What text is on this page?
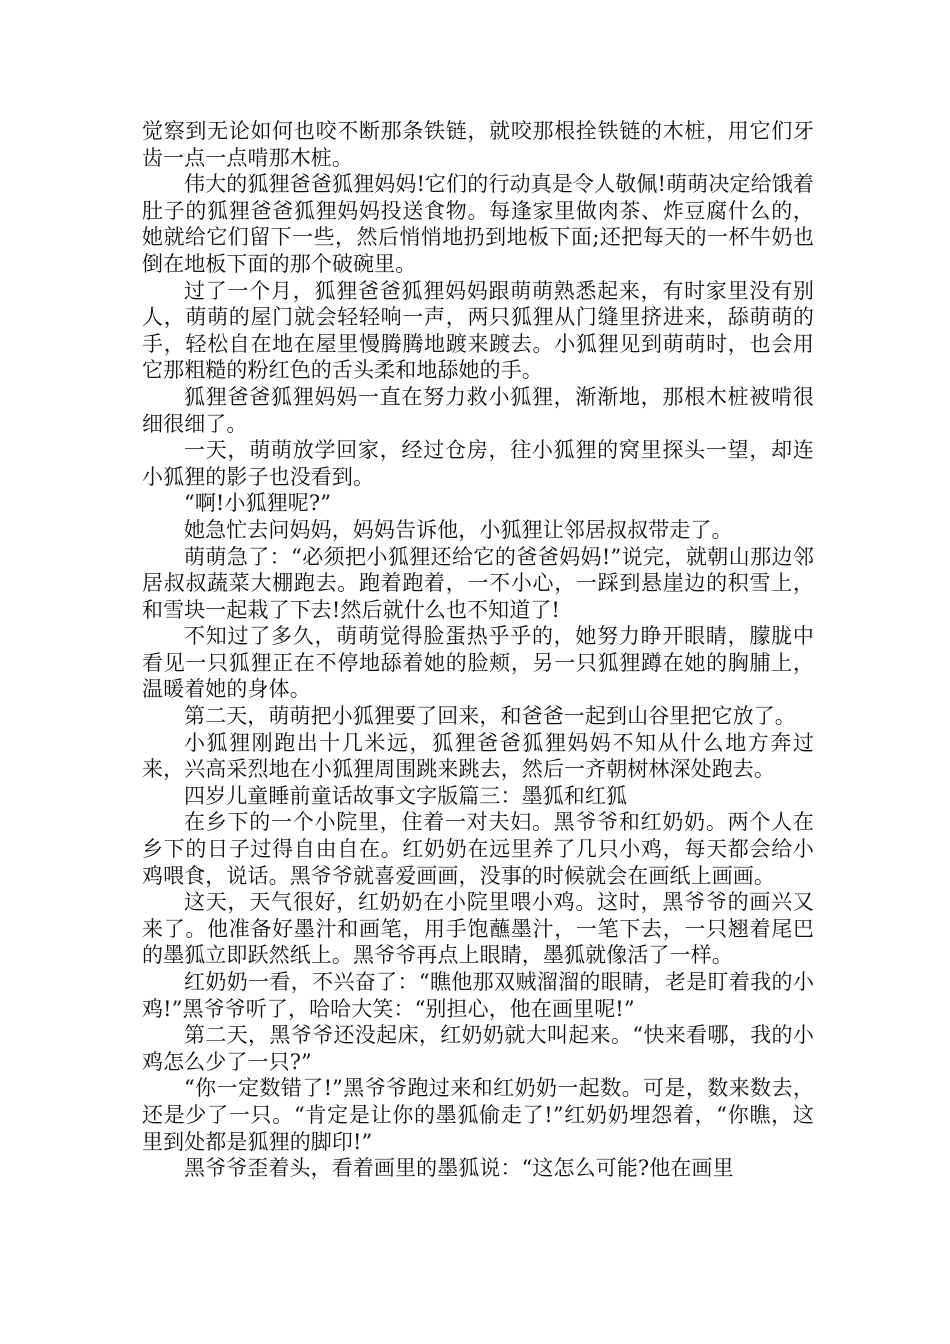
觉察到无论如何也咬不断那条铁链，就咬那根拴铁链的木桩，用它们牙齿一点一点啃那木桩。

伟大的狐狸爸爸狐狸妈妈!它们的行动真是令人敬佩!萌萌决定给饿着肚子的狐狸爸爸狐狸妈妈投送食物。每逢家里做肉茶、炸豆腐什么的，她就给它们留下一些，然后悄悄地扔到地板下面;还把每天的一杯牛奶也倒在地板下面的那个破碗里。

过了一个月，狐狸爸爸狐狸妈妈跟萌萌熟悉起来，有时家里没有别人，萌萌的屋门就会轻轻响一声，两只狐狸从门缝里挤进来，舔萌萌的手，轻松自在地在屋里慢腾腾地踱来踱去。小狐狸见到萌萌时，也会用它那粗糙的粉红色的舌头柔和地舔她的手。

狐狸爸爸狐狸妈妈一直在努力救小狐狸，渐渐地，那根木桩被啃很细很细了。

一天，萌萌放学回家，经过仓房，往小狐狸的窝里探头一望，却连小狐狸的影子也没看到。

“啊!小狐狸呢?”

她急忙去问妈妈，妈妈告诉他，小狐狸让邻居叔叔带走了。

萌萌急了：“必须把小狐狸还给它的爸爸妈妈!”说完，就朝山那边邻居叔叔蔬菜大棚跑去。跑着跑着，一不小心，一踩到悬崖边的积雪上，和雪块一起栽了下去!然后就什么也不知道了!

不知过了多久，萌萌觉得脸蛋热乎乎的，她努力睁开眼睛，朦胧中看见一只狐狸正在不停地舔着她的脸颊，另一只狐狸蹲在她的胸脯上，温暖着她的身体。

第二天，萌萌把小狐狸要了回来，和爸爸一起到山谷里把它放了。

小狐狸刚跑出十几米远，狐狸爸爸狐狸妈妈不知从什么地方奔过来，兴高采烈地在小狐狸周围跳来跳去，然后一齐朝树林深处跑去。

四岁儿童睡前童话故事文字版篇三：墨狐和红狐

在乡下的一个小院里，住着一对夫妇。黑爷爷和红奶奶。两个人在乡下的日子过得自由自在。红奶奶在远里养了几只小鸡，每天都会给小鸡喂食，说话。黑爷爷就喜爱画画，没事的时候就会在画纸上画画。

这天，天气很好，红奶奶在小院里喂小鸡。这时，黑爷爷的画兴又来了。他准备好墨汁和画笔，用手饱蘸墨汁，一笔下去，一只翘着尾巴的墨狐立即跃然纸上。黑爷爷再点上眼睛，墨狐就像活了一样。

红奶奶一看，不兴奋了：“瞧他那双贼溜溜的眼睛，老是盯着我的小鸡!”黑爷爷听了，哈哈大笑：“别担心，他在画里呢!”

第二天，黑爷爷还没起床，红奶奶就大叫起来。“快来看哪，我的小鸡怎么少了一只?”

“你一定数错了!”黑爷爷跑过来和红奶奶一起数。可是，数来数去，还是少了一只。“肯定是让你的墨狐偷走了!”红奶奶埋怨着，“你瞧，这里到处都是狐狸的脚印!”

黑爷爷歪着头，看着画里的墨狐说：“这怎么可能?他在画里
